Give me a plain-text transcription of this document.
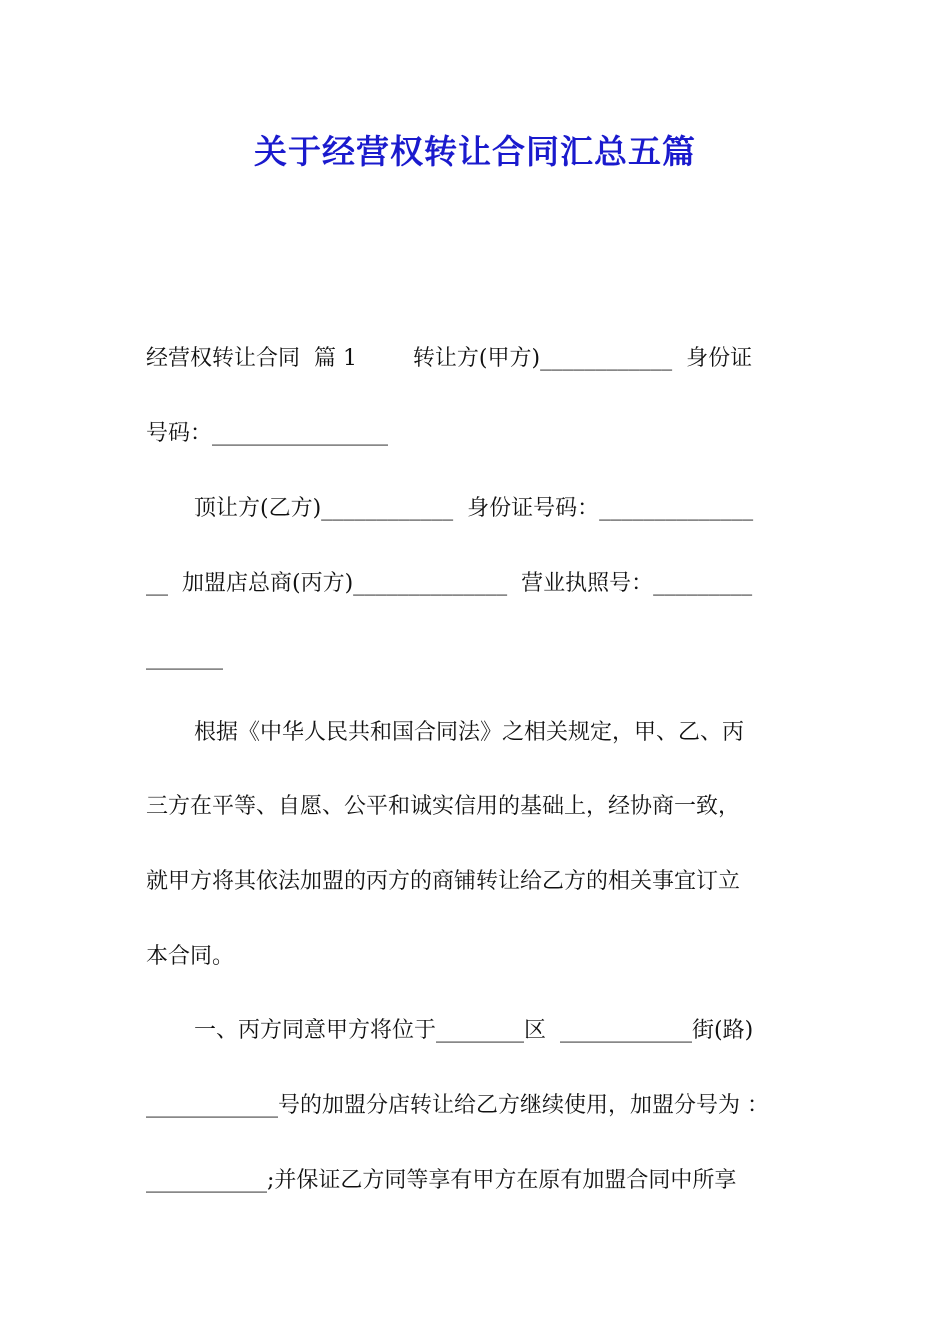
关于经营权转让合同汇总五篇
经营权转让合同  篇 1        转让方(甲方)____________  身份证
号码：________________
顶让方(乙方)____________  身份证号码：______________
__  加盟店总商(丙方)______________  营业执照号：_________
_______
根据《中华人民共和国合同法》之相关规定，甲、乙、丙
三方在平等、自愿、公平和诚实信用的基础上，经协商一致，
就甲方将其依法加盟的丙方的商铺转让给乙方的相关事宜订立
本合同。
一、丙方同意甲方将位于________区  ____________街(路)
____________号的加盟分店转让给乙方继续使用，加盟分号为 ：
___________;并保证乙方同等享有甲方在原有加盟合同中所享
